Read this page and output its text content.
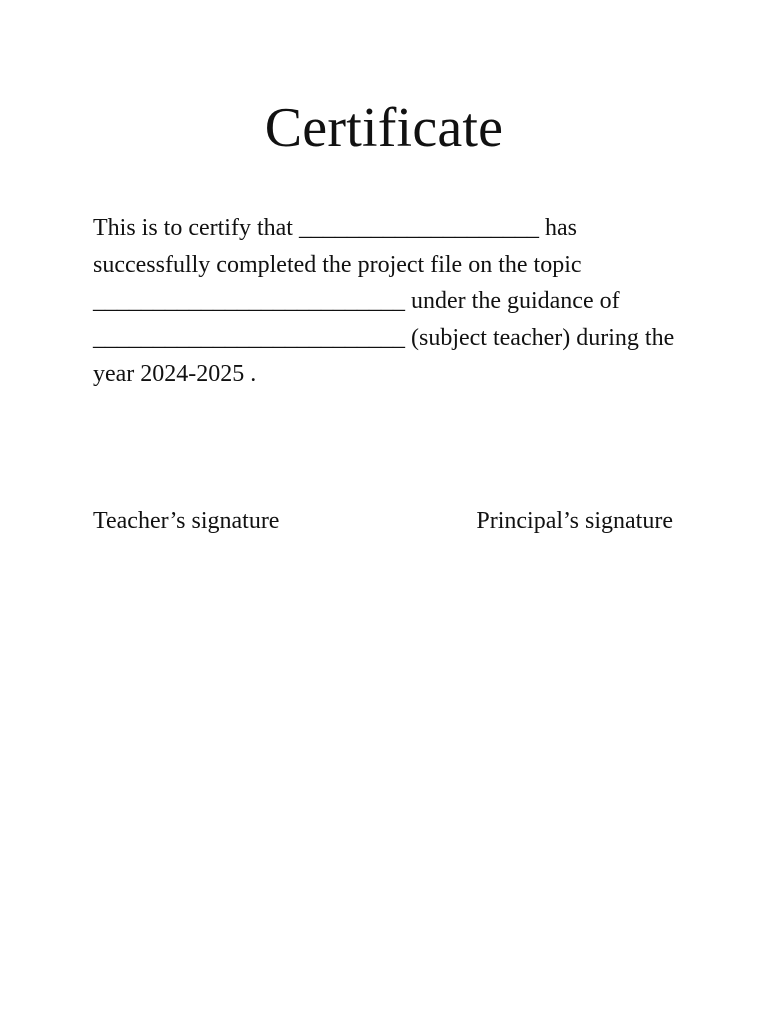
Certificate

This is to certify that ____________________ has
successfully completed the project file on the topic
__________________________ under the guidance of
__________________________ (subject teacher) during the
year 2024-2025 .

Teacher’s signature	Principal’s signature
